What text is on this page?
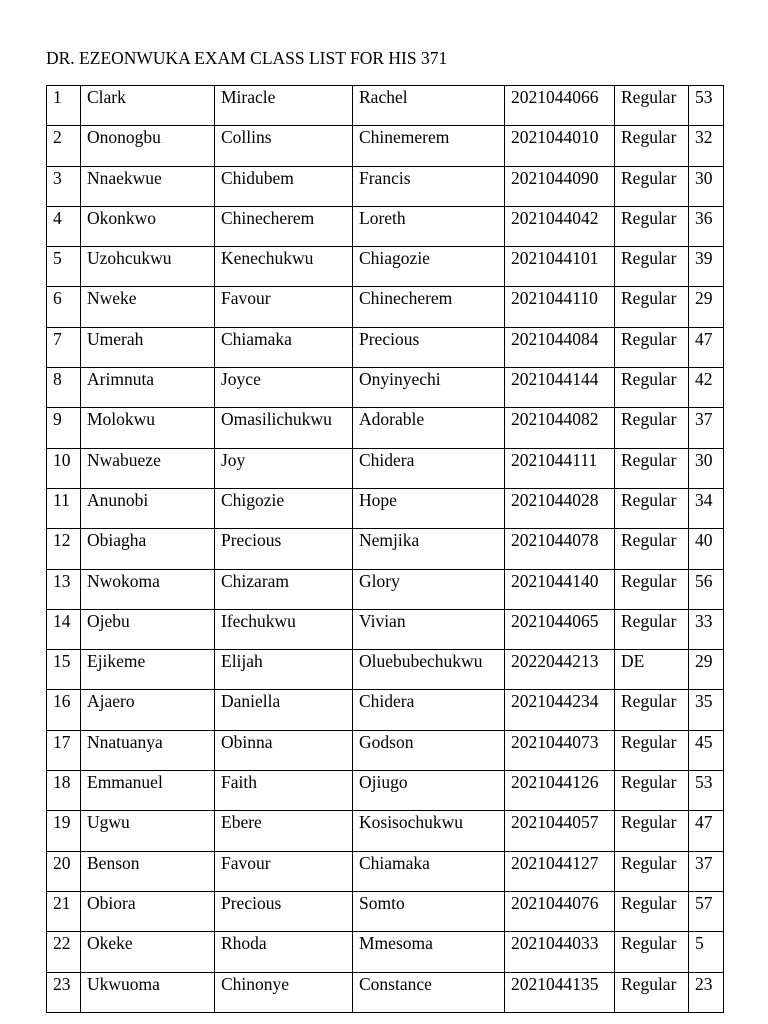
DR. EZEONWUKA EXAM CLASS LIST FOR HIS 371
1	Clark	Miracle	Rachel	2021044066	Regular	53
2	Ononogbu	Collins	Chinemerem	2021044010	Regular	32
3	Nnaekwue	Chidubem	Francis	2021044090	Regular	30
4	Okonkwo	Chinecherem	Loreth	2021044042	Regular	36
5	Uzohcukwu	Kenechukwu	Chiagozie	2021044101	Regular	39
6	Nweke	Favour	Chinecherem	2021044110	Regular	29
7	Umerah	Chiamaka	Precious	2021044084	Regular	47
8	Arimnuta	Joyce	Onyinyechi	2021044144	Regular	42
9	Molokwu	Omasilichukwu	Adorable	2021044082	Regular	37
10	Nwabueze	Joy	Chidera	2021044111	Regular	30
11	Anunobi	Chigozie	Hope	2021044028	Regular	34
12	Obiagha	Precious	Nemjika	2021044078	Regular	40
13	Nwokoma	Chizaram	Glory	2021044140	Regular	56
14	Ojebu	Ifechukwu	Vivian	2021044065	Regular	33
15	Ejikeme	Elijah	Oluebubechukwu	2022044213	DE	29
16	Ajaero	Daniella	Chidera	2021044234	Regular	35
17	Nnatuanya	Obinna	Godson	2021044073	Regular	45
18	Emmanuel	Faith	Ojiugo	2021044126	Regular	53
19	Ugwu	Ebere	Kosisochukwu	2021044057	Regular	47
20	Benson	Favour	Chiamaka	2021044127	Regular	37
21	Obiora	Precious	Somto	2021044076	Regular	57
22	Okeke	Rhoda	Mmesoma	2021044033	Regular	5
23	Ukwuoma	Chinonye	Constance	2021044135	Regular	23
